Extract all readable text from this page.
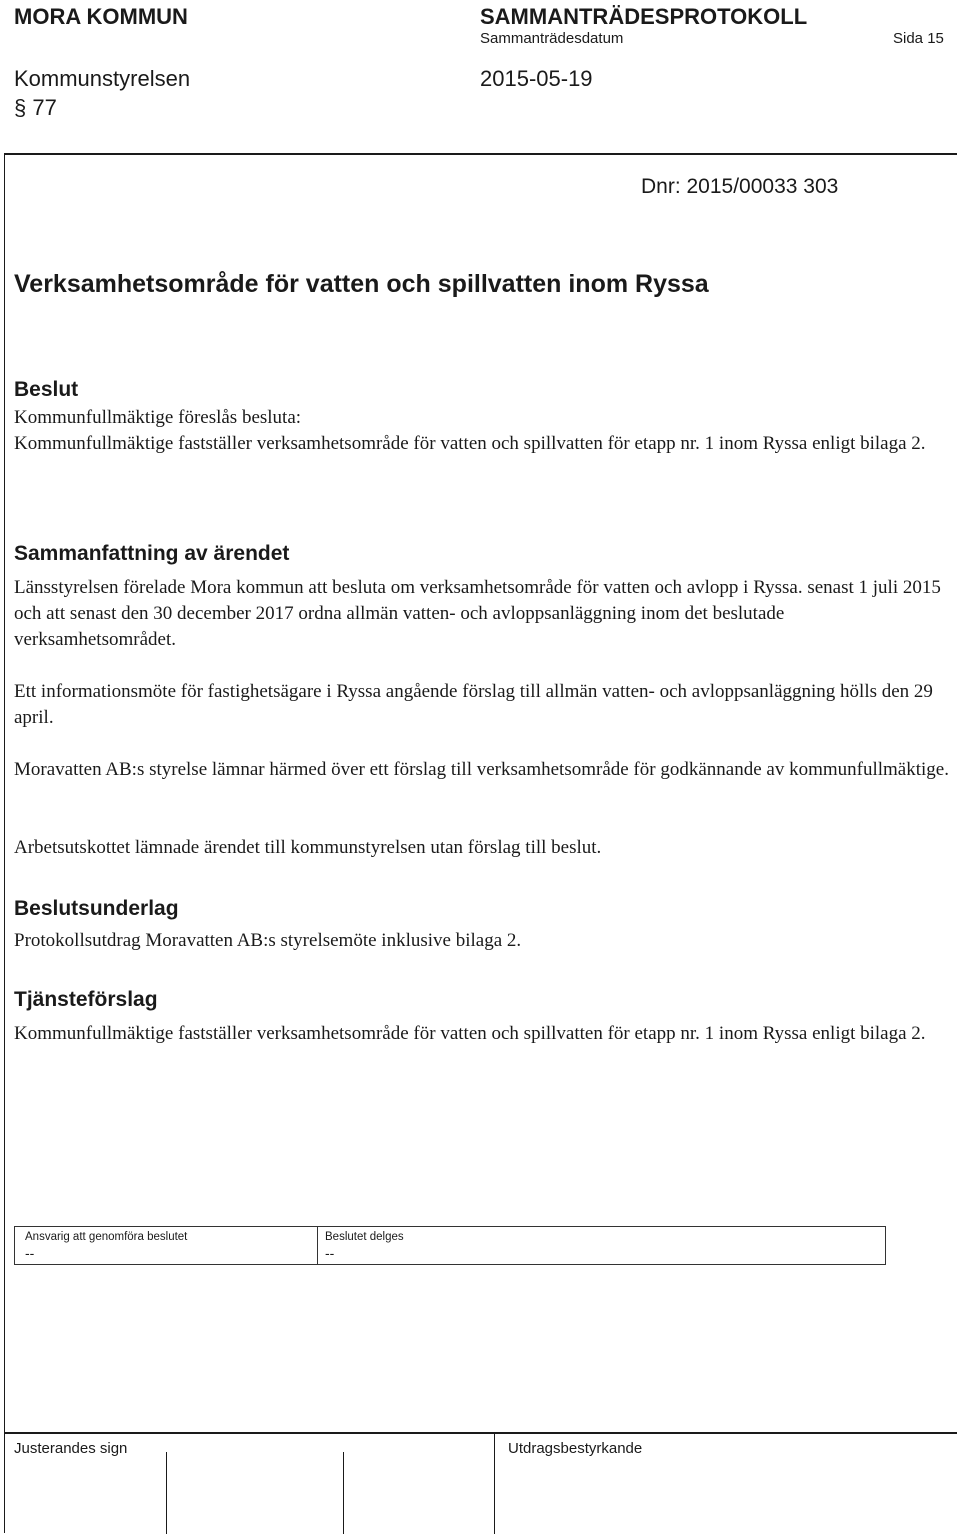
MORA KOMMUN	SAMMANTRÄDESPROTOKOLL
Sammanträdesdatum	Sida 15
Kommunstyrelsen	2015-05-19
§ 77
Dnr: 2015/00033 303
Verksamhetsområde för vatten och spillvatten inom Ryssa
Beslut
Kommunfullmäktige föreslås besluta:
Kommunfullmäktige fastställer verksamhetsområde för vatten och spillvatten för etapp nr. 1 inom Ryssa enligt bilaga 2.
Sammanfattning av ärendet
Länsstyrelsen förelade Mora kommun att besluta om verksamhetsområde för vatten och avlopp i Ryssa. senast 1 juli 2015 och att senast den 30 december 2017 ordna allmän vatten- och avloppsanläggning inom det beslutade verksamhetsområdet.
Ett informationsmöte för fastighetsägare i Ryssa angående förslag till allmän vatten- och avloppsanläggning hölls den 29 april.
Moravatten AB:s styrelse lämnar härmed över ett förslag till verksamhetsområde för godkännande av kommunfullmäktige.
Arbetsutskottet lämnade ärendet till kommunstyrelsen utan förslag till beslut.
Beslutsunderlag
Protokollsutdrag Moravatten AB:s styrelsemöte inklusive bilaga 2.
Tjänsteförslag
Kommunfullmäktige fastställer verksamhetsområde för vatten och spillvatten för etapp nr. 1 inom Ryssa enligt bilaga 2.
Ansvarig att genomföra beslutet
--
Beslutet delges
--
Justerandes sign	Utdragsbestyrkande
